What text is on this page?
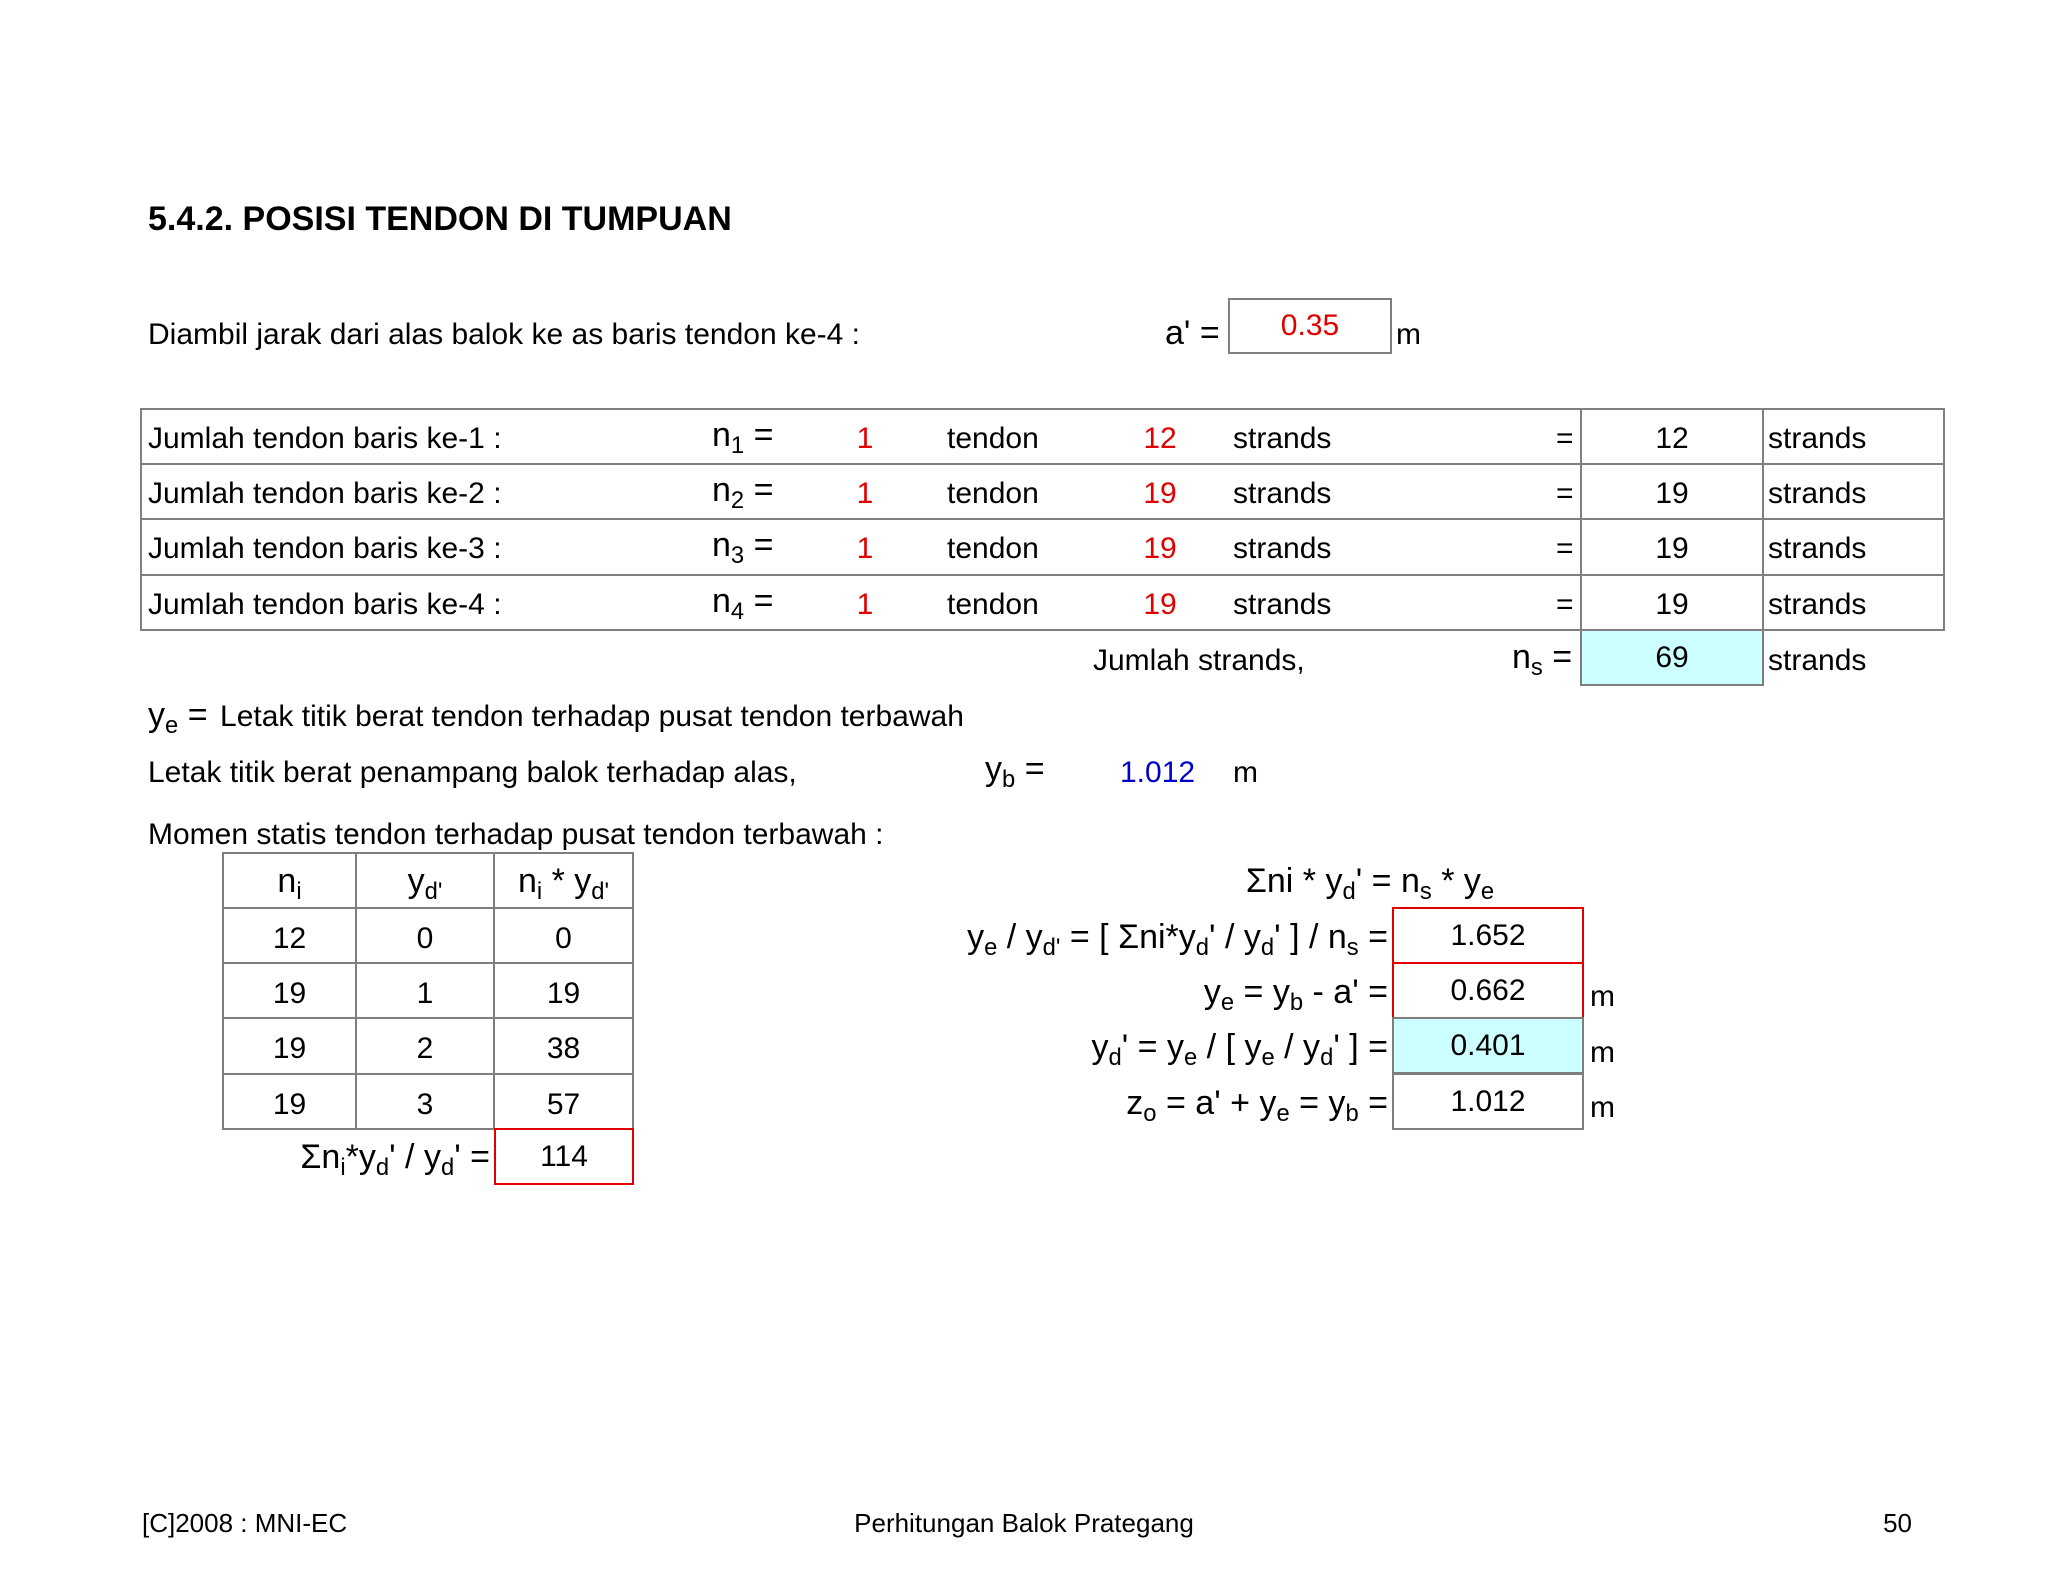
5.4.2. POSISI TENDON DI TUMPUAN
Diambil jarak dari alas balok ke as baris tendon ke-4 :	a' =	0.35	m
Jumlah tendon baris ke-1 :	$n_1$ =	1	tendon	12	strands	=	12	strands
Jumlah tendon baris ke-2 :	$n_2$ =	1	tendon	19	strands	=	19	strands
Jumlah tendon baris ke-3 :	$n_3$ =	1	tendon	19	strands	=	19	strands
Jumlah tendon baris ke-4 :	$n_4$ =	1	tendon	19	strands	=	19	strands
Jumlah strands,	$n_s$ =	69	strands
$y_e$ = Letak titik berat tendon terhadap pusat tendon terbawah
Letak titik berat penampang balok terhadap alas,	$y_b$ =	1.012 m
Momen statis tendon terhadap pusat tendon terbawah :
$n_i$	$y_{d'}$	$n_i * y_{d'}$
12	0	0
19	1	19
19	2	38
19	3	57
$\Sigma n_i*y_d' / y_d'$ =	114
$\Sigma ni * y_d' = n_s * y_e$
$y_e / y_{d'}$ = [ $\Sigma ni*y_d' / y_d'$ ] / $n_s$ =	1.652
$y_e = y_b - a'$ =	0.662	m
$y_d' = y_e$ / [ $y_e / y_d'$ ] =	0.401	m
$z_o = a' + y_e = y_b$ =	1.012	m
[C]2008 : MNI-EC	Perhitungan Balok Prategang	50
